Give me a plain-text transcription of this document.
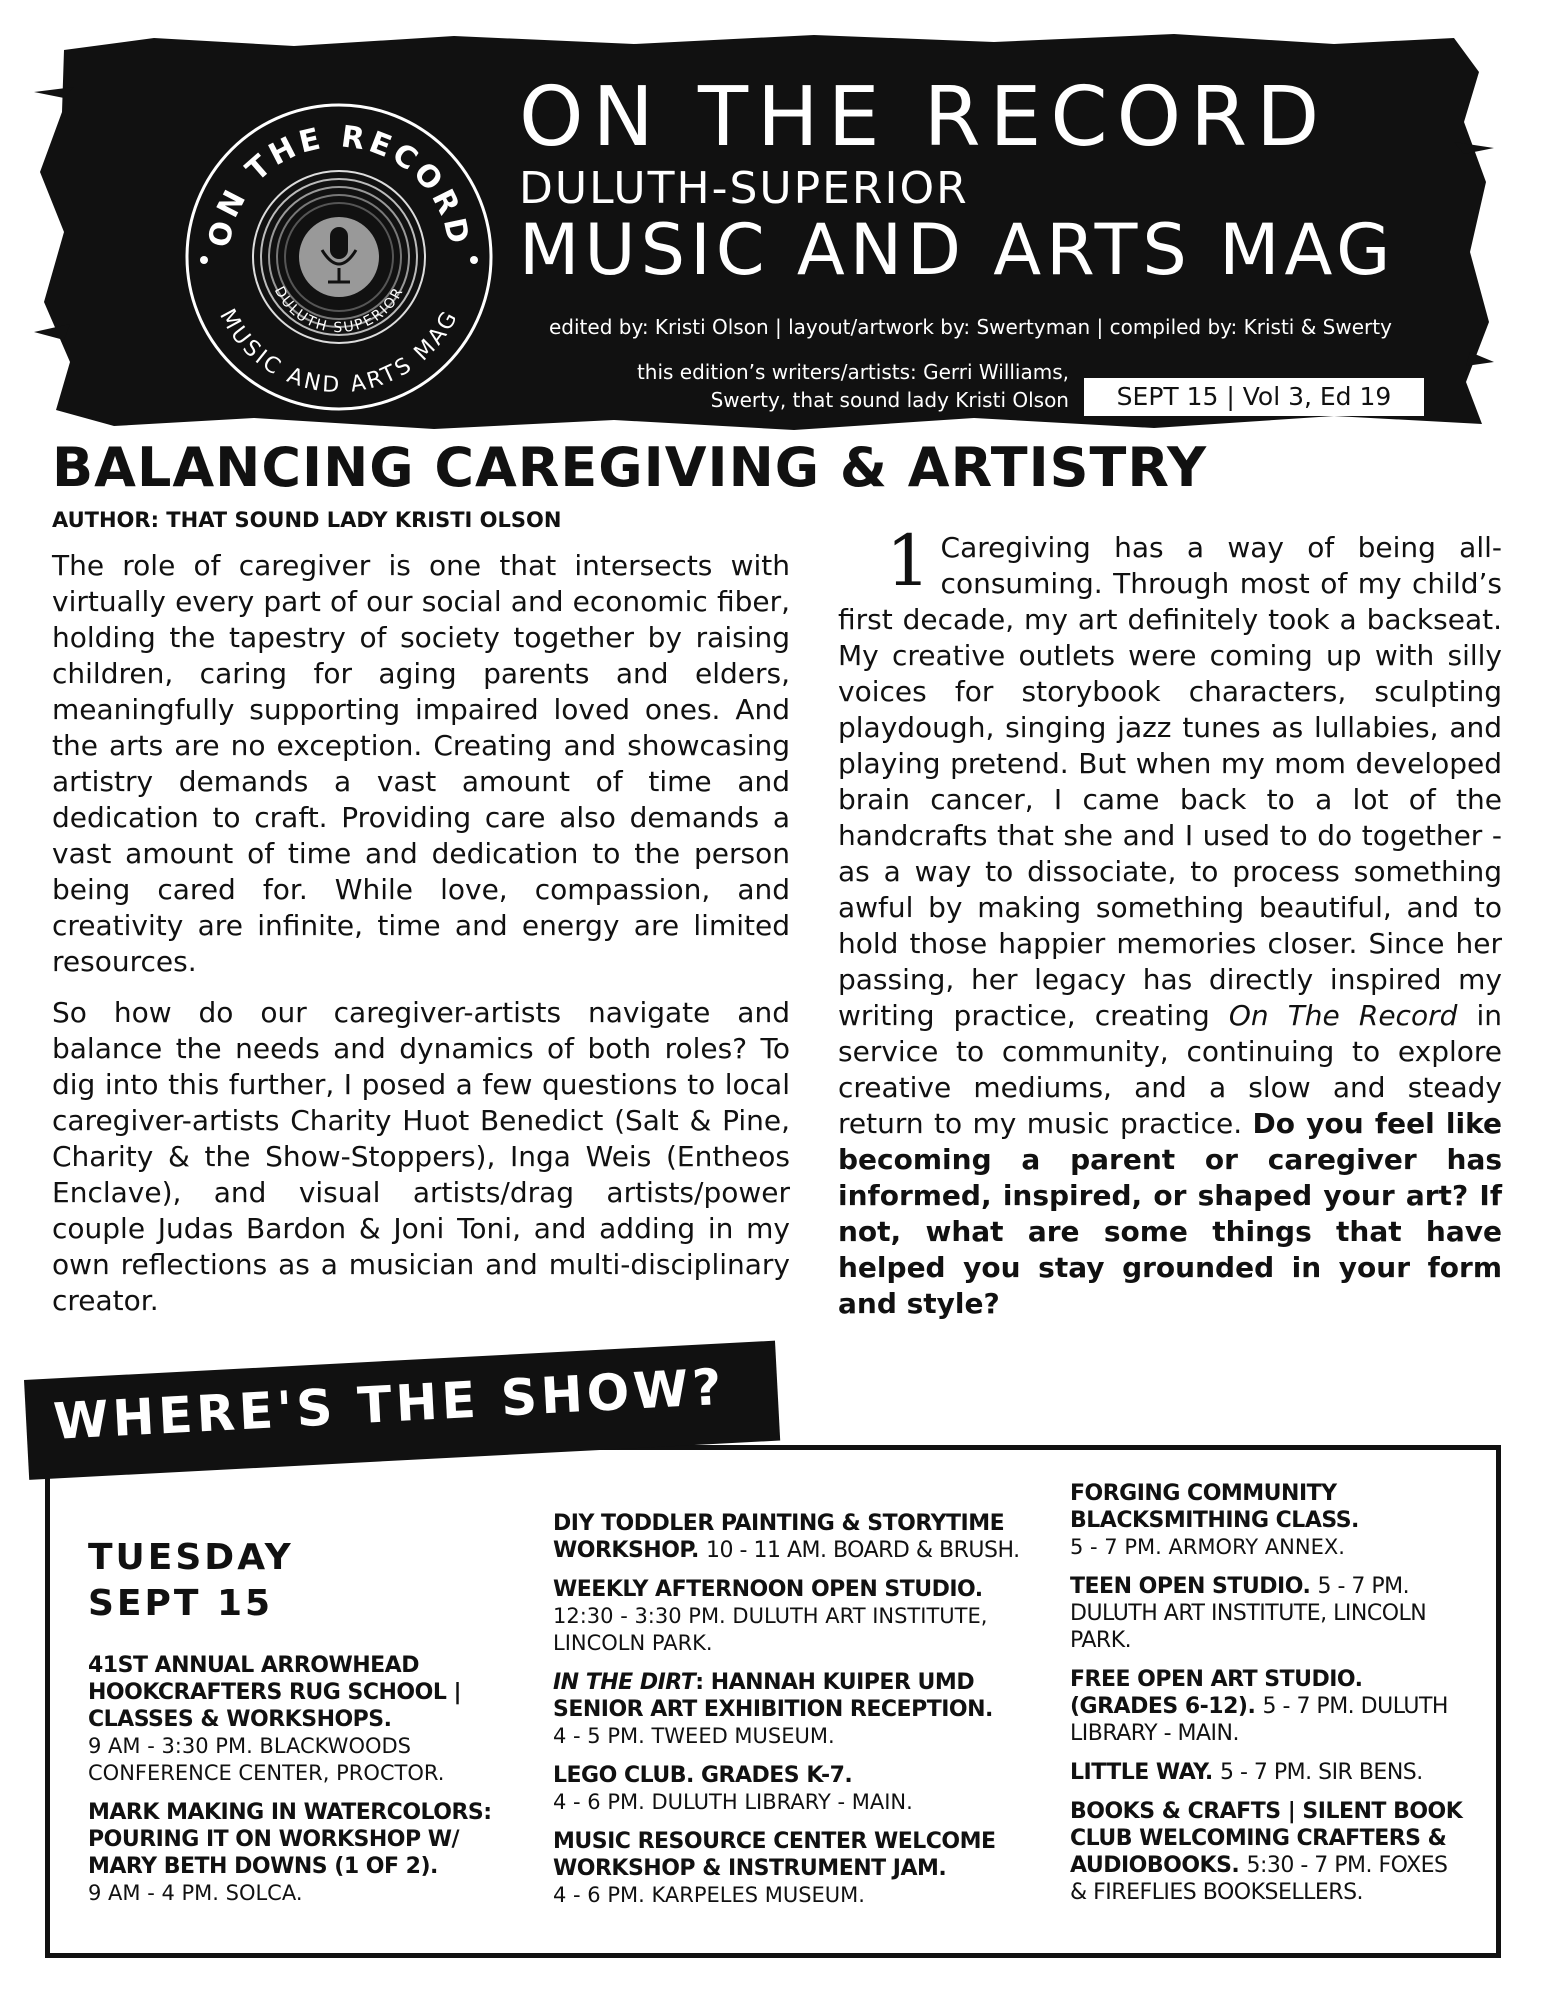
ON THE RECORD
DULUTH SUPERIOR
MUSIC AND ARTS MAG
ON THE RECORD
DULUTH-SUPERIOR
MUSIC AND ARTS MAG
edited by: Kristi Olson | layout/artwork by: Swertyman | compiled by: Kristi & Swerty
this edition’s writers/artists: Gerri Williams,
Swerty, that sound lady Kristi Olson	SEPT 15 | Vol 3, Ed 19
BALANCING CAREGIVING & ARTISTRY
AUTHOR: THAT SOUND LADY KRISTI OLSON

The role of caregiver is one that intersects with virtually every part of our social and economic fiber, holding the tapestry of society together by raising children, caring for aging parents and elders, meaningfully supporting impaired loved ones. And the arts are no exception. Creating and showcasing artistry demands a vast amount of time and dedication to craft. Providing care also demands a vast amount of time and dedication to the person being cared for. While love, compassion, and creativity are infinite, time and energy are limited resources.

So how do our caregiver-artists navigate and balance the needs and dynamics of both roles? To dig into this further, I posed a few questions to local caregiver-artists Charity Huot Benedict (Salt & Pine, Charity & the Show-Stoppers), Inga Weis (Entheos Enclave), and visual artists/drag artists/power couple Judas Bardon & Joni Toni, and adding in my own reflections as a musician and multi-disciplinary creator.

1 Caregiving has a way of being all-consuming. Through most of my child’s first decade, my art definitely took a backseat. My creative outlets were coming up with silly voices for storybook characters, sculpting playdough, singing jazz tunes as lullabies, and playing pretend. But when my mom developed brain cancer, I came back to a lot of the handcrafts that she and I used to do together - as a way to dissociate, to process something awful by making something beautiful, and to hold those happier memories closer. Since her passing, her legacy has directly inspired my writing practice, creating On The Record in service to community, continuing to explore creative mediums, and a slow and steady return to my music practice. Do you feel like becoming a parent or caregiver has informed, inspired, or shaped your art? If not, what are some things that have helped you stay grounded in your form and style?

WHERE'S THE SHOW?
TUESDAY
SEPT 15
41ST ANNUAL ARROWHEAD HOOKCRAFTERS RUG SCHOOL | CLASSES & WORKSHOPS.
9 AM - 3:30 PM. BLACKWOODS CONFERENCE CENTER, PROCTOR.
MARK MAKING IN WATERCOLORS: POURING IT ON WORKSHOP W/ MARY BETH DOWNS (1 OF 2).
9 AM - 4 PM. SOLCA.
DIY TODDLER PAINTING & STORYTIME WORKSHOP. 10 - 11 AM. BOARD & BRUSH.
WEEKLY AFTERNOON OPEN STUDIO.
12:30 - 3:30 PM. DULUTH ART INSTITUTE, LINCOLN PARK.
IN THE DIRT: HANNAH KUIPER UMD SENIOR ART EXHIBITION RECEPTION.
4 - 5 PM. TWEED MUSEUM.
LEGO CLUB. GRADES K-7.
4 - 6 PM. DULUTH LIBRARY - MAIN.
MUSIC RESOURCE CENTER WELCOME WORKSHOP & INSTRUMENT JAM.
4 - 6 PM. KARPELES MUSEUM.
FORGING COMMUNITY BLACKSMITHING CLASS.
5 - 7 PM. ARMORY ANNEX.
TEEN OPEN STUDIO. 5 - 7 PM. DULUTH ART INSTITUTE, LINCOLN PARK.
FREE OPEN ART STUDIO. (GRADES 6-12). 5 - 7 PM. DULUTH LIBRARY - MAIN.
LITTLE WAY. 5 - 7 PM. SIR BENS.
BOOKS & CRAFTS | SILENT BOOK CLUB WELCOMING CRAFTERS & AUDIOBOOKS. 5:30 - 7 PM. FOXES & FIREFLIES BOOKSELLERS.
